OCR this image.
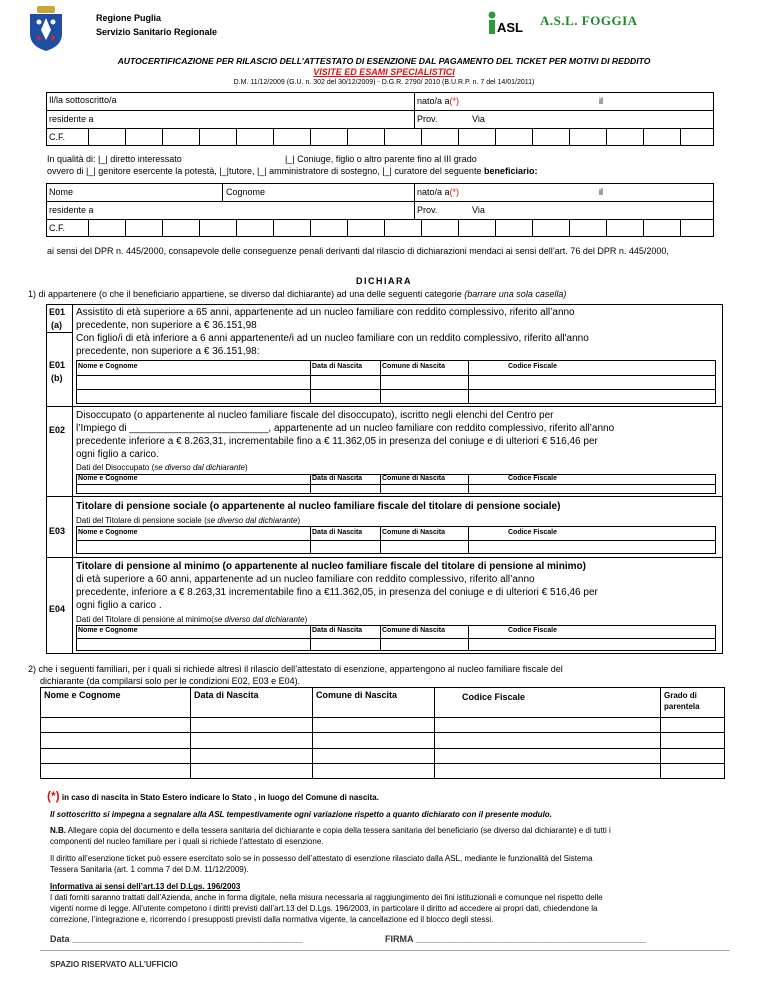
Regione Puglia
Servizio Sanitario Regionale	ASL A.S.L. FOGGIA
AUTOCERTIFICAZIONE PER RILASCIO DELL’ATTESTATO DI ESENZIONE DAL PAGAMENTO DEL TICKET PER MOTIVI DI REDDITO
VISITE ED ESAMI SPECIALISTICI
D.M. 11/12/2009 (G.U. n. 302 del 30/12/2009) - D.G.R. 2790/ 2010 (B.U.R.P. n. 7 del 14/01/2011)
Il/la sottoscritto/a	nato/a a(*)	il
residente a	Prov.	Via
C.F.
In qualità di: |_| diretto interessato	|_| Coniuge, figlio o altro parente fino al III grado
ovvero di |_| genitore esercente la potestà, |_|tutore, |_| amministratore di sostegno, |_| curatore del seguente beneficiario:
Nome	Cognome	nato/a a(*)	il
residente a	Prov.	Via
C.F.
ai sensi del DPR n. 445/2000, consapevole delle conseguenze penali derivanti dal rilascio di dichiarazioni mendaci ai sensi dell’art. 76 del DPR n. 445/2000,
DICHIARA
1) di appartenere (o che il beneficiario appartiene, se diverso dal dichiarante) ad una delle seguenti categorie (barrare una sola casella)
E01
(a)
Assistito di età superiore a 65 anni, appartenente ad un nucleo familiare con reddito complessivo, riferito all’anno
precedente, non superiore a € 36.151,98
E01
(b)
Con figlio/i di età inferiore a 6 anni appartenente/i ad un nucleo familiare con un reddito complessivo, riferito all'anno
precedente, non superiore a € 36.151,98:
Nome e Cognome	Data di Nascita	Comune di Nascita	Codice Fiscale
E02
Disoccupato (o appartenente al nucleo familiare fiscale del disoccupato), iscritto negli elenchi del Centro per
l’Impiego di _________________________, appartenente ad un nucleo familiare con reddito complessivo, riferito all’anno
precedente inferiore a € 8.263,31, incrementabile fino a € 11.362,05 in presenza del coniuge e di ulteriori € 516,46 per
ogni figlio a carico.
Dati del Disoccupato (se diverso dal dichiarante)
Nome e Cognome	Data di Nascita	Comune di Nascita	Codice Fiscale
E03
Titolare di pensione sociale (o appartenente al nucleo familiare fiscale del titolare di pensione sociale)
Dati del Titolare di pensione sociale (se diverso dal dichiarante)
Nome e Cognome	Data di Nascita	Comune di Nascita	Codice Fiscale
E04
Titolare di pensione al minimo (o appartenente al nucleo familiare fiscale del titolare di pensione al minimo)
di età superiore a 60 anni, appartenente ad un nucleo familiare con reddito complessivo, riferito all’anno
precedente, inferiore a € 8.263,31 incrementabile fino a €11.362,05, in presenza del coniuge e di ulteriori € 516,46 per
ogni figlio a carico .
Dati del Titolare di pensione al minimo(se diverso dal dichiarante)
Nome e Cognome	Data di Nascita	Comune di Nascita	Codice Fiscale
2) che i seguenti familiari, per i quali si richiede altresì il rilascio dell’attestato di esenzione, appartengono al nucleo familiare fiscale del
dichiarante (da compilarsi solo per le condizioni E02, E03 e E04).
Nome e Cognome	Data di Nascita	Comune di Nascita	Codice Fiscale	Grado di
parentela
(*) in caso di nascita in Stato Estero indicare lo Stato , in luogo del Comune di nascita.
Il sottoscritto si impegna a segnalare alla ASL tempestivamente ogni variazione rispetto a quanto dichiarato con il presente modulo.
N.B. Allegare copia del documento e della tessera sanitaria del dichiarante e copia della tessera sanitaria del beneficiario (se diverso dal dichiarante) e di tutti i
componenti del nucleo familiare per i quali si richiede l’attestato di esenzione.
Il diritto all’esenzione ticket può essere esercitato solo se in possesso dell’attestato di esenzione rilasciato dalla ASL, mediante le funzionalità del Sistema
Tessera Sanitaria (art. 1 comma 7 del D.M. 11/12/2009).
Informativa ai sensi dell’art.13 del D.Lgs. 196/2003
I dati forniti saranno trattati dall’Azienda, anche in forma digitale, nella misura necessaria al raggiungimento dei fini istituzionali e comunque nel rispetto delle
vigenti norme di legge. All’utente competono i diritti previsti dall’art.13 del D.Lgs. 196/2003, in particolare il diritto ad accedere ai propri dati, chiedendone la
correzione, l’integrazione e, ricorrendo i presupposti previsti dalla normativa vigente, la cancellazione ed il blocco degli stessi.
Data ______________________________________________	FIRMA ______________________________________________
SPAZIO RISERVATO ALL’UFFICIO
